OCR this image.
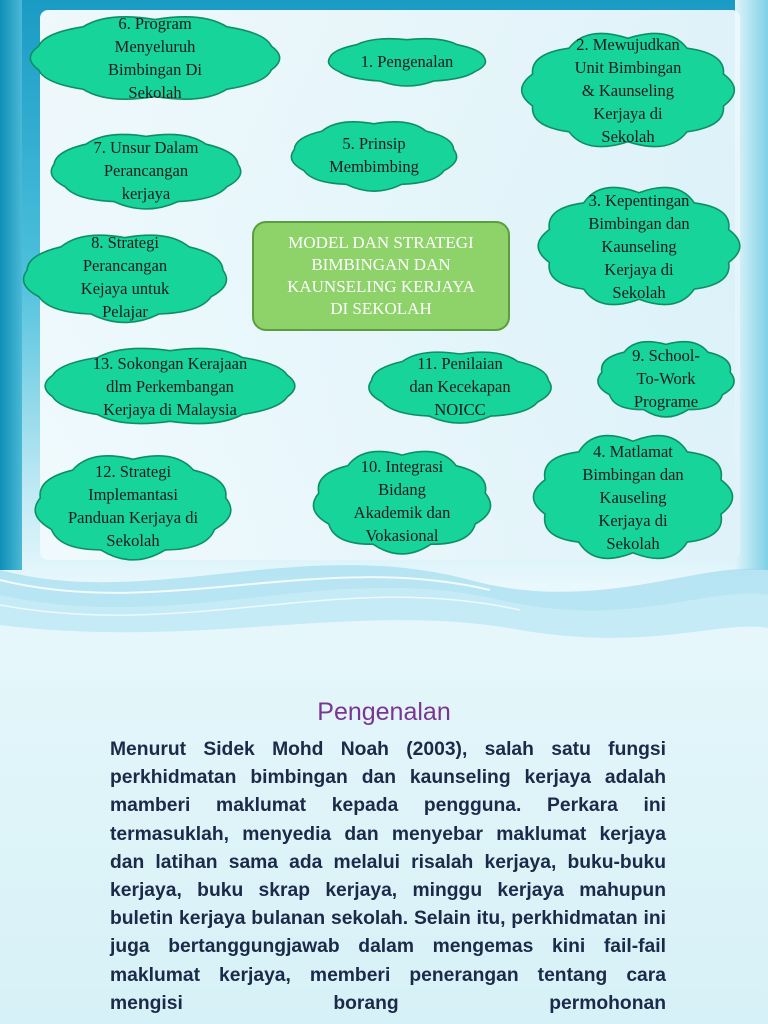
MODEL DAN STRATEGI
BIMBINGAN DAN
KAUNSELING KERJAYA
DI SEKOLAH
6. Program
Menyeluruh
Bimbingan Di
Sekolah
1. Pengenalan
2. Mewujudkan
Unit Bimbingan
& Kaunseling
Kerjaya di
Sekolah
7. Unsur Dalam
Perancangan
kerjaya
5. Prinsip
Membimbing
3. Kepentingan
Bimbingan dan
Kaunseling
Kerjaya di
Sekolah
8. Strategi
Perancangan
Kejaya untuk
Pelajar
13. Sokongan Kerajaan
dlm Perkembangan
Kerjaya di Malaysia
11. Penilaian
dan Kecekapan
NOICC
9. School-
To-Work
Programe
12. Strategi
Implemantasi
Panduan Kerjaya di
Sekolah
10. Integrasi
Bidang
Akademik dan
Vokasional
4. Matlamat
Bimbingan dan
Kauseling
Kerjaya di
Sekolah
Pengenalan
Menurut Sidek Mohd Noah (2003), salah satu fungsi perkhidmatan bimbingan dan kaunseling kerjaya adalah mamberi maklumat kepada pengguna. Perkara ini termasuklah, menyedia dan menyebar maklumat kerjaya dan latihan sama ada melalui risalah kerjaya, buku-buku kerjaya, buku skrap kerjaya, minggu kerjaya mahupun buletin kerjaya bulanan sekolah. Selain itu, perkhidmatan ini juga bertanggungjawab dalam mengemas kini fail-fail maklumat kerjaya, memberi penerangan tentang cara mengisi borang permohonan
